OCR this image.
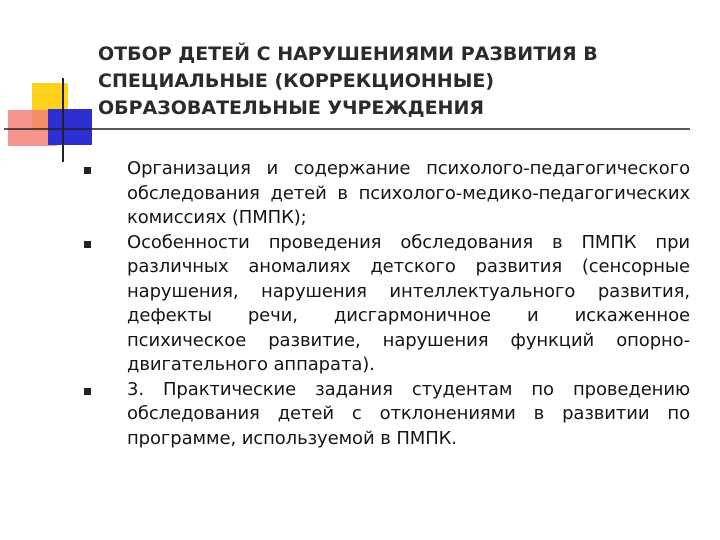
ОТБОР ДЕТЕЙ С НАРУШЕНИЯМИ РАЗВИТИЯ В
СПЕЦИАЛЬНЫЕ (КОРРЕКЦИОННЫЕ)
ОБРАЗОВАТЕЛЬНЫЕ УЧРЕЖДЕНИЯ
Организация и содержание психолого-педагогического обследования детей в психолого-медико-педагогических комиссиях (ПМПК);
Особенности проведения обследования в ПМПК при различных аномалиях детского развития (сенсорные нарушения, нарушения интеллектуального развития, дефекты речи, дисгармоничное и искаженное психическое развитие, нарушения функций опорно-двигательного аппарата).
3. Практические задания студентам по проведению обследования детей с отклонениями в развитии по программе, используемой в ПМПК.
